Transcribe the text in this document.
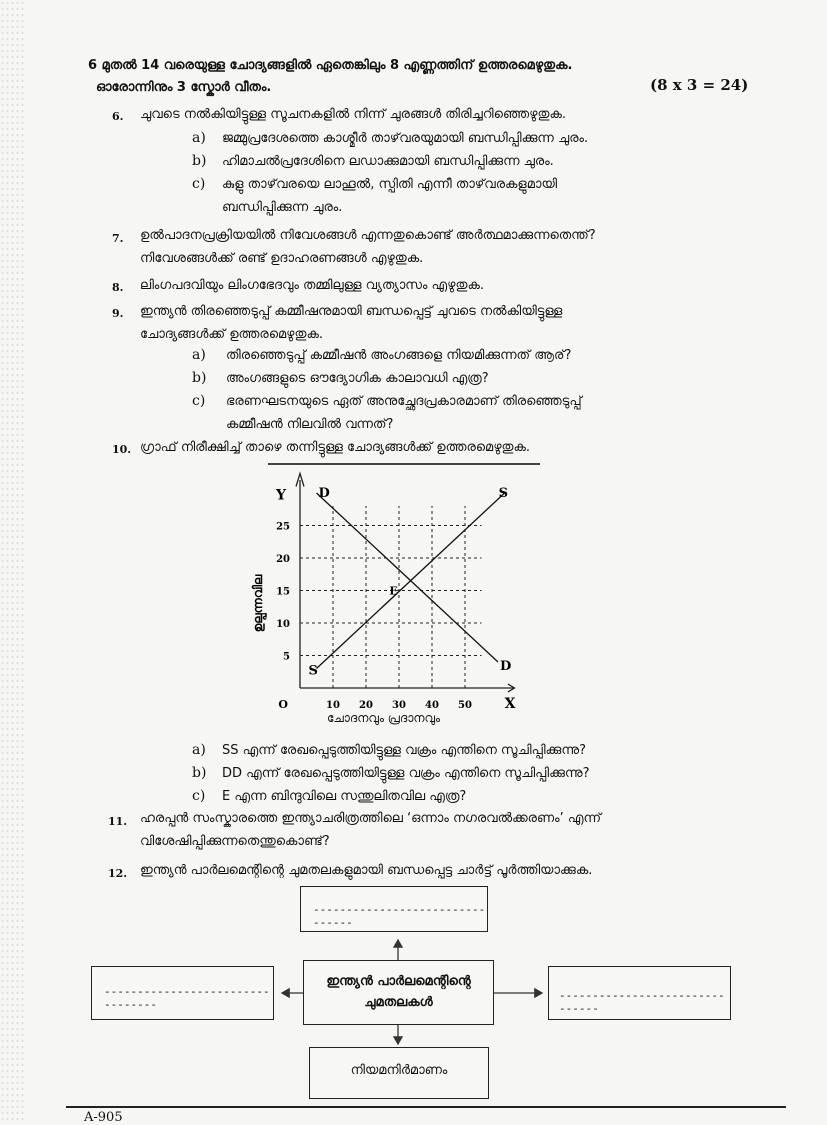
6 മുതൽ 14 വരെയുള്ള ചോദ്യങ്ങളിൽ ഏതെങ്കിലും 8 എണ്ണത്തിന് ഉത്തരമെഴുതുക.
ഓരോന്നിനും 3 സ്കോർ വീതം.	(8 x 3 = 24)
6. ചുവടെ നൽകിയിട്ടുള്ള സൂചനകളിൽ നിന്ന് ചുരങ്ങൾ തിരിച്ചറിഞ്ഞെഴുതുക.
a) ജമ്മുപ്രദേശത്തെ കാശ്മീർ താഴ്‌വരയുമായി ബന്ധിപ്പിക്കുന്ന ചുരം.
b) ഹിമാചൽപ്രദേശിനെ ലഡാക്കുമായി ബന്ധിപ്പിക്കുന്ന ചുരം.
c) കുളു താഴ്‌വരയെ ലാഹൂൽ, സ്പിതി എന്നീ താഴ്‌വരകളുമായി
ബന്ധിപ്പിക്കുന്ന ചുരം.
7. ഉൽപാദനപ്രക്രിയയിൽ നിവേശങ്ങൾ എന്നതുകൊണ്ട് അർത്ഥമാക്കുന്നതെന്ത്?
നിവേശങ്ങൾക്ക് രണ്ട് ഉദാഹരണങ്ങൾ എഴുതുക.
8. ലിംഗപദവിയും ലിംഗഭേദവും തമ്മിലുള്ള വ്യത്യാസം എഴുതുക.
9. ഇന്ത്യൻ തിരഞ്ഞെടുപ്പ് കമ്മീഷനുമായി ബന്ധപ്പെട്ട് ചുവടെ നൽകിയിട്ടുള്ള
ചോദ്യങ്ങൾക്ക് ഉത്തരമെഴുതുക.
a) തിരഞ്ഞെടുപ്പ് കമ്മീഷൻ അംഗങ്ങളെ നിയമിക്കുന്നത് ആര്?
b) അംഗങ്ങളുടെ ഔദ്യോഗിക കാലാവധി എത്ര?
c) ഭരണഘടനയുടെ ഏത് അനുച്ഛേദപ്രകാരമാണ് തിരഞ്ഞെടുപ്പ്
കമ്മീഷൻ നിലവിൽ വന്നത്?
10. ഗ്രാഫ് നിരീക്ഷിച്ച് താഴെ തന്നിട്ടുള്ള ചോദ്യങ്ങൾക്ക് ഉത്തരമെഴുതുക.
10 20 30 40 50
5
10
15
20
25
O	X
Y
ഉല്പന്നവില
S
S
D
D
E
ചോദനവും പ്രദാനവും
a) SS എന്ന് രേഖപ്പെടുത്തിയിട്ടുള്ള വക്രം എന്തിനെ സൂചിപ്പിക്കുന്നു?
b) DD എന്ന് രേഖപ്പെടുത്തിയിട്ടുള്ള വക്രം എന്തിനെ സൂചിപ്പിക്കുന്നു?
c) E എന്ന ബിന്ദുവിലെ സന്തുലിതവില എത്ര?
11. ഹരപ്പൻ സംസ്കാരത്തെ ഇന്ത്യാചരിത്രത്തിലെ ‘ഒന്നാം നഗരവൽക്കരണം’ എന്ന്
വിശേഷിപ്പിക്കുന്നതെന്തുകൊണ്ട്?
12. ഇന്ത്യൻ പാർലമെന്റിന്റെ ചുമതലകളുമായി ബന്ധപ്പെട്ട ചാർട്ട് പൂർത്തിയാക്കുക.
--------------------------------
---------------------------------
ഇന്ത്യൻ പാർലമെന്റിന്റെ
ചുമതലകൾ	-------------------------------
നിയമനിർമാണം
A-905
